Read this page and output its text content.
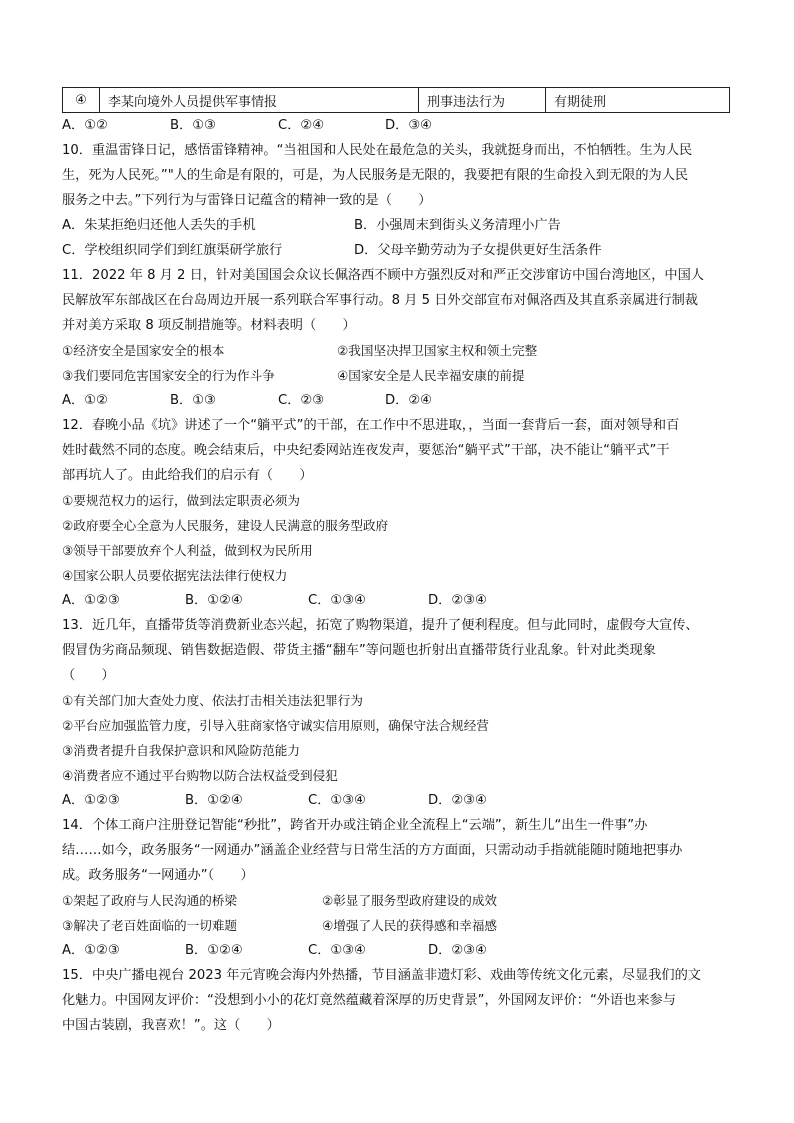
④	李某向境外人员提供军事情报	刑事违法行为	有期徒刑
A．①②	B．①③	C．②④	D．③④
10．重温雷锋日记，感悟雷锋精神。“当祖国和人民处在最危急的关头，我就挺身而出，不怕牺牲。生为人民
生，死为人民死。”"人的生命是有限的，可是，为人民服务是无限的，我要把有限的生命投入到无限的为人民
服务之中去。”下列行为与雷锋日记蕴含的精神一致的是（　　）
A．朱某拒绝归还他人丢失的手机	B．小强周末到街头义务清理小广告
C．学校组织同学们到红旗渠研学旅行	D．父母辛勤劳动为子女提供更好生活条件
11．2022 年 8 月 2 日，针对美国国会众议长佩洛西不顾中方强烈反对和严正交涉窜访中国台湾地区，中国人
民解放军东部战区在台岛周边开展一系列联合军事行动。8 月 5 日外交部宣布对佩洛西及其直系亲属进行制裁
并对美方采取 8 项反制措施等。材料表明（　　）
①经济安全是国家安全的根本	②我国坚决捍卫国家主权和领土完整
③我们要同危害国家安全的行为作斗争	④国家安全是人民幸福安康的前提
A．①②	B．①③	C．②③	D．②④
12．春晚小品《坑》讲述了一个“躺平式”的干部，在工作中不思进取，，当面一套背后一套，面对领导和百
姓时截然不同的态度。晚会结束后，中央纪委网站连夜发声，要惩治“躺平式”干部，决不能让“躺平式”干
部再坑人了。由此给我们的启示有（　　）
①要规范权力的运行，做到法定职责必须为
②政府要全心全意为人民服务，建设人民满意的服务型政府
③领导干部要放弃个人利益，做到权为民所用
④国家公职人员要依据宪法法律行使权力
A．①②③	B．①②④	C．①③④	D．②③④
13．近几年，直播带货等消费新业态兴起，拓宽了购物渠道，提升了便利程度。但与此同时，虚假夸大宣传、
假冒伪劣商品频现、销售数据造假、带货主播“翻车”等问题也折射出直播带货行业乱象。针对此类现象
（　　）
①有关部门加大查处力度、依法打击相关违法犯罪行为
②平台应加强监管力度，引导入驻商家恪守诚实信用原则，确保守法合规经营
③消费者提升自我保护意识和风险防范能力
④消费者应不通过平台购物以防合法权益受到侵犯
A．①②③	B．①②④	C．①③④	D．②③④
14．个体工商户注册登记智能“秒批”，跨省开办或注销企业全流程上“云端”，新生儿“出生一件事”办
结……如今，政务服务“一网通办”涵盖企业经营与日常生活的方方面面，只需动动手指就能随时随地把事办
成。政务服务“一网通办”（　　）
①架起了政府与人民沟通的桥梁	②彰显了服务型政府建设的成效
③解决了老百姓面临的一切难题	④增强了人民的获得感和幸福感
A．①②③	B．①②④	C．①③④	D．②③④
15．中央广播电视台 2023 年元宵晚会海内外热播，节目涵盖非遗灯彩、戏曲等传统文化元素，尽显我们的文
化魅力。中国网友评价：“没想到小小的花灯竟然蕴藏着深厚的历史背景”，外国网友评价：“外语也来参与
中国古装剧，我喜欢！”。这（　　）
